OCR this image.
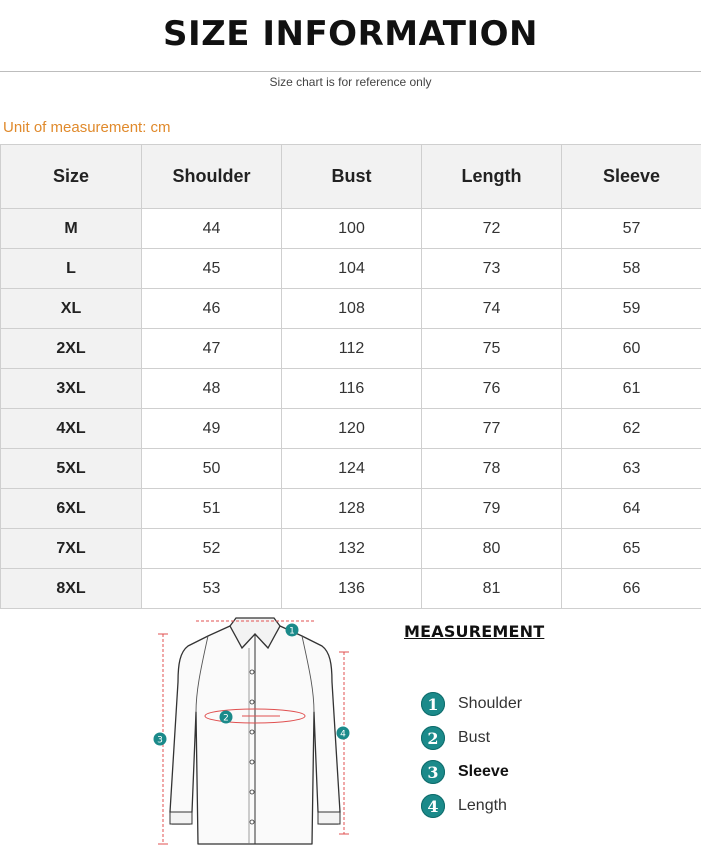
SIZE INFORMATION
Size chart is for reference only
Unit of measurement: cm
Size	Shoulder	Bust	Length	Sleeve
M	44	100	72	57
L	45	104	73	58
XL	46	108	74	59
2XL	47	112	75	60
3XL	48	116	76	61
4XL	49	120	77	62
5XL	50	124	78	63
6XL	51	128	79	64
7XL	52	132	80	65
8XL	53	136	81	66
1
2
3
4
MEASUREMENT
1	Shoulder
2	Bust
3	Sleeve
4	Length
